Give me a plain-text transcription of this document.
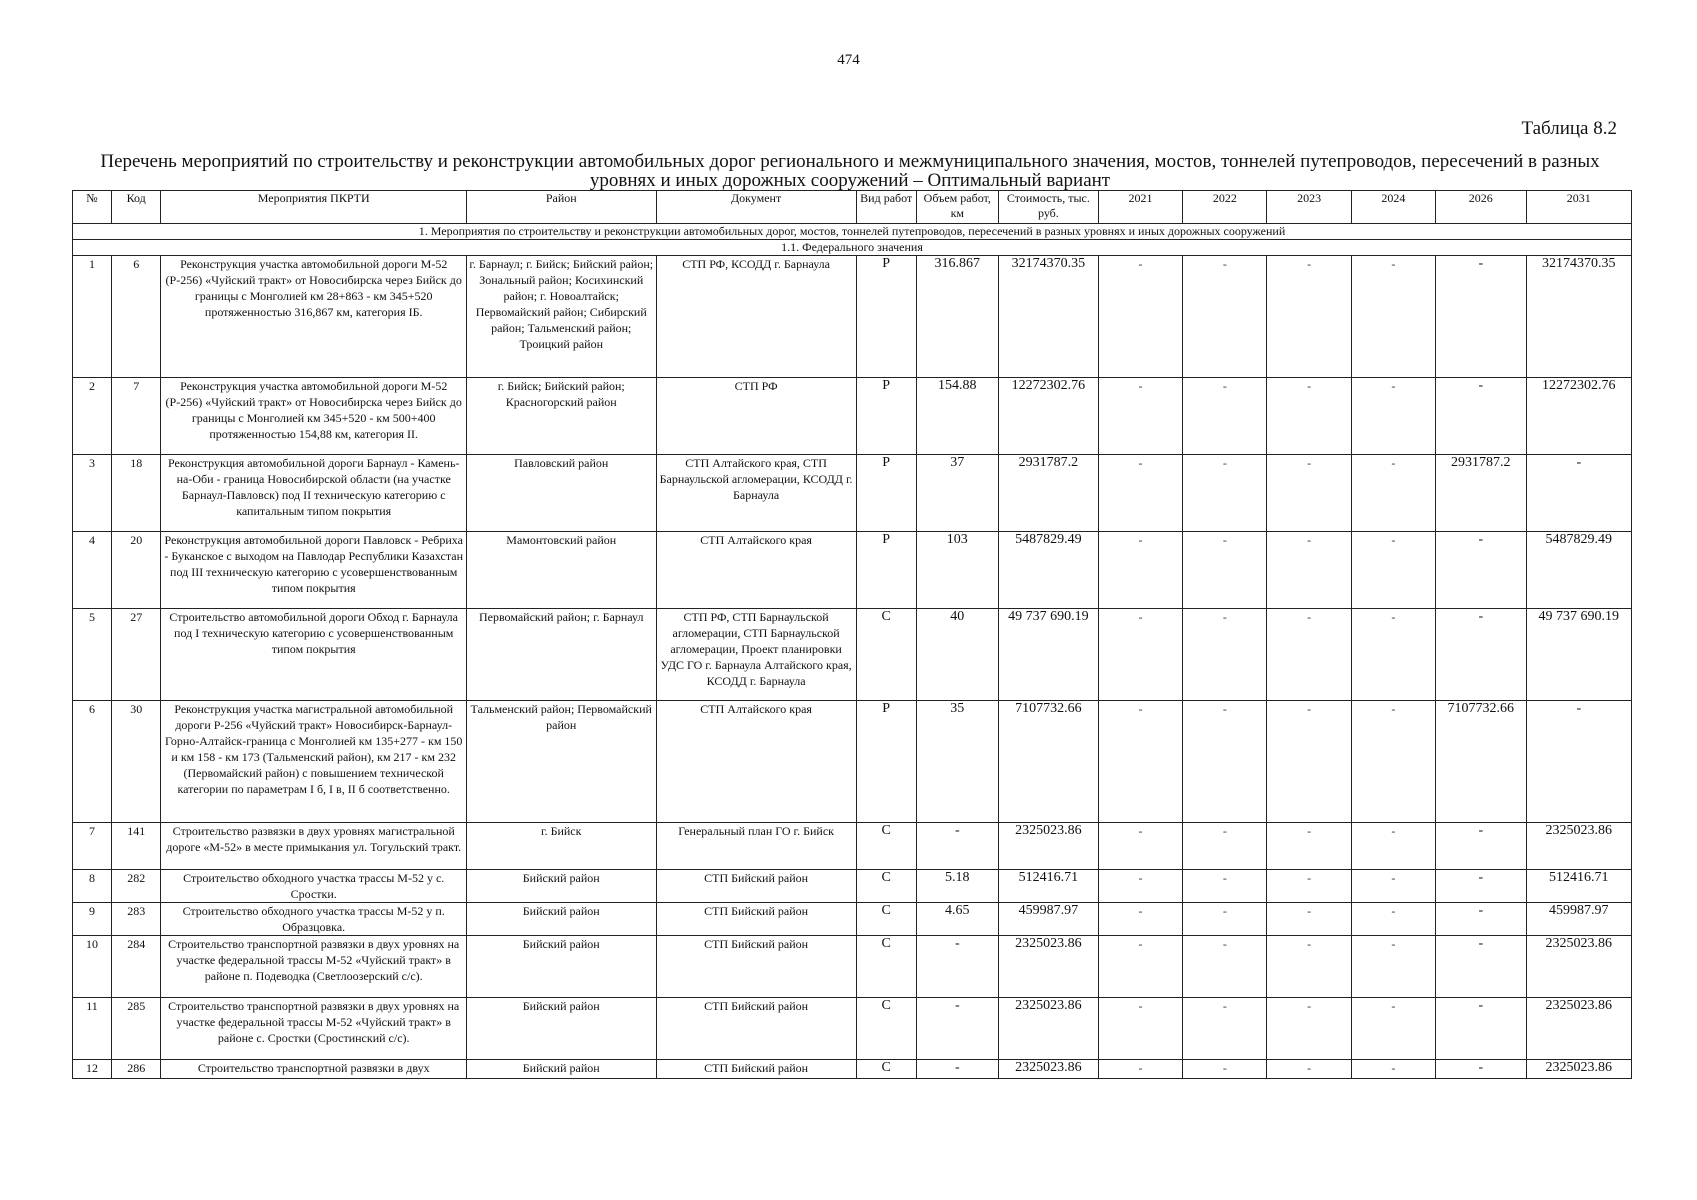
474
Таблица 8.2
Перечень мероприятий по строительству и реконструкции автомобильных дорог регионального и межмуниципального значения, мостов, тоннелей путепроводов, пересечений в разных уровнях и иных дорожных сооружений – Оптимальный вариант
№	Код	Мероприятия ПКРТИ	Район	Документ	Вид работ	Объем работ, км	Стоимость, тыс. руб.	2021	2022	2023	2024	2026	2031
1. Мероприятия по строительству и реконструкции автомобильных дорог, мостов, тоннелей путепроводов, пересечений в разных уровнях и иных дорожных сооружений													
1.1. Федерального значения													
1	6	Реконструкция участка автомобильной дороги М-52 (Р-256) «Чуйский тракт» от Новосибирска через Бийск до границы с Монголией км 28+863 - км 345+520 протяженностью 316,867 км, категория IБ.	г. Барнаул; г. Бийск; Бийский район; Зональный район; Косихинский район; г. Новоалтайск; Первомайский район; Сибирский район; Тальменский район; Троицкий район	СТП РФ, КСОДД г. Барнаула	Р	316.867	32174370.35	-	-	-	-	-	32174370.35
2	7	Реконструкция участка автомобильной дороги М-52 (Р-256) «Чуйский тракт» от Новосибирска через Бийск до границы с Монголией км 345+520 - км 500+400 протяженностью 154,88 км, категория II.	г. Бийск; Бийский район; Красногорский район	СТП РФ	Р	154.88	12272302.76	-	-	-	-	-	12272302.76
3	18	Реконструкция автомобильной дороги Барнаул - Камень-на-Оби - граница Новосибирской области (на участке Барнаул-Павловск) под II техническую категорию с капитальным типом покрытия	Павловский район	СТП Алтайского края, СТП Барнаульской агломерации, КСОДД г. Барнаула	Р	37	2931787.2	-	-	-	-	2931787.2	-
4	20	Реконструкция автомобильной дороги Павловск - Ребриха - Буканское с выходом на Павлодар Республики Казахстан под III техническую категорию с усовершенствованным типом покрытия	Мамонтовский район	СТП Алтайского края	Р	103	5487829.49	-	-	-	-	-	5487829.49
5	27	Строительство автомобильной дороги Обход г. Барнаула под I техническую категорию с усовершенствованным типом покрытия	Первомайский район; г. Барнаул	СТП РФ, СТП Барнаульской агломерации, СТП Барнаульской агломерации, Проект планировки УДС ГО г. Барнаула Алтайского края, КСОДД г. Барнаула	С	40	49 737 690.19	-	-	-	-	-	49 737 690.19
6	30	Реконструкция участка магистральной автомобильной дороги Р-256 «Чуйский тракт» Новосибирск-Барнаул-Горно-Алтайск-граница с Монголией км 135+277 - км 150 и км 158 - км 173 (Тальменский район), км 217 - км 232 (Первомайский район) с повышением технической категории по параметрам I б, I в, II б соответственно.	Тальменский район; Первомайский район	СТП Алтайского края	Р	35	7107732.66	-	-	-	-	7107732.66	-
7	141	Строительство развязки в двух уровнях магистральной дороге «М-52» в месте примыкания ул. Тогульский тракт.	г. Бийск	Генеральный план ГО г. Бийск	С	-	2325023.86	-	-	-	-	-	2325023.86
8	282	Строительство обходного участка трассы М-52 у с. Сростки.	Бийский район	СТП Бийский район	С	5.18	512416.71	-	-	-	-	-	512416.71
9	283	Строительство обходного участка трассы М-52 у п. Образцовка.	Бийский район	СТП Бийский район	С	4.65	459987.97	-	-	-	-	-	459987.97
10	284	Строительство транспортной развязки в двух уровнях на участке федеральной трассы М-52 «Чуйский тракт» в районе п. Подеводка (Светлоозерский с/с).	Бийский район	СТП Бийский район	С	-	2325023.86	-	-	-	-	-	2325023.86
11	285	Строительство транспортной развязки в двух уровнях на участке федеральной трассы М-52 «Чуйский тракт» в районе с. Сростки (Сростинский с/с).	Бийский район	СТП Бийский район	С	-	2325023.86	-	-	-	-	-	2325023.86
12	286	Строительство транспортной развязки в двух	Бийский район	СТП Бийский район	С	-	2325023.86	-	-	-	-	-	2325023.86
